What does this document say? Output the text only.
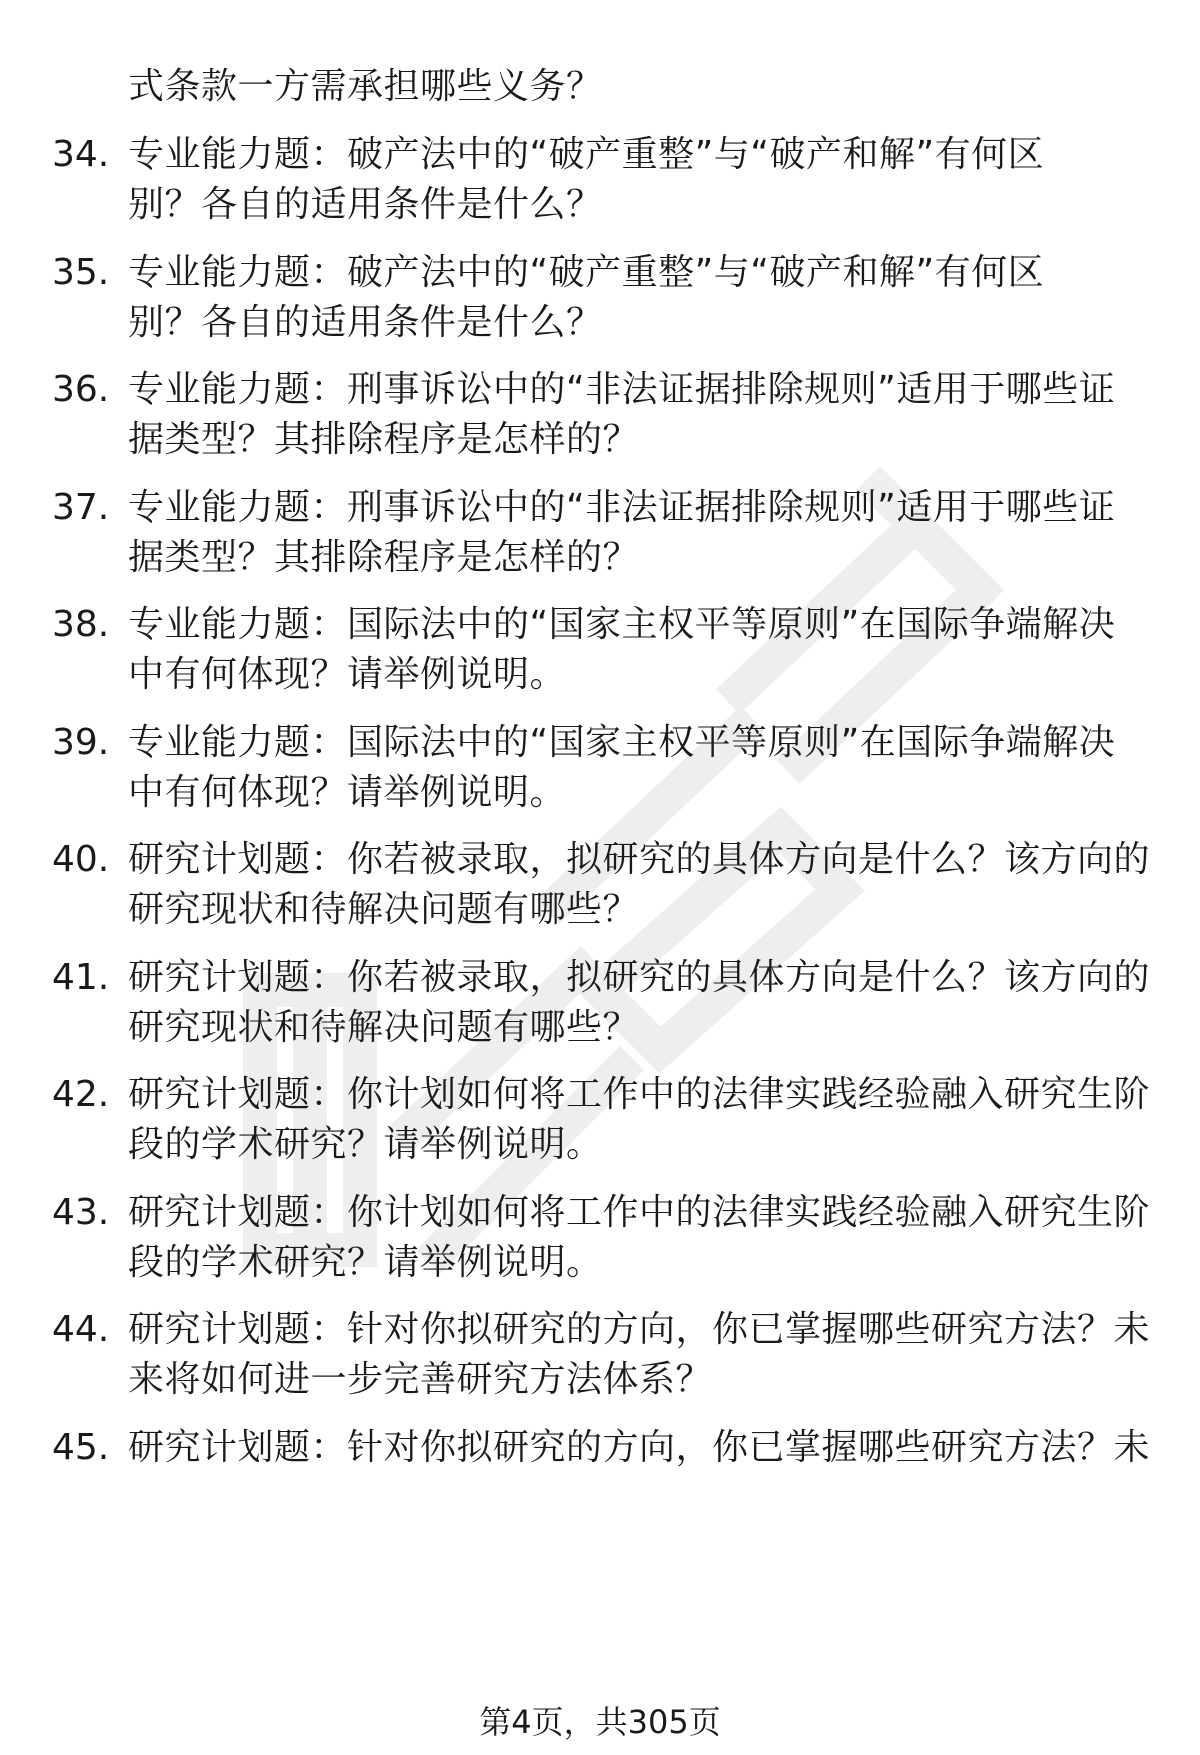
式条款一方需承担哪些义务？
34. 专业能力题：破产法中的“破产重整”与“破产和解”有何区
别？各自的适用条件是什么？
35. 专业能力题：破产法中的“破产重整”与“破产和解”有何区
别？各自的适用条件是什么？
36. 专业能力题：刑事诉讼中的“非法证据排除规则”适用于哪些证
据类型？其排除程序是怎样的？
37. 专业能力题：刑事诉讼中的“非法证据排除规则”适用于哪些证
据类型？其排除程序是怎样的？
38. 专业能力题：国际法中的“国家主权平等原则”在国际争端解决
中有何体现？请举例说明。
39. 专业能力题：国际法中的“国家主权平等原则”在国际争端解决
中有何体现？请举例说明。
40. 研究计划题：你若被录取，拟研究的具体方向是什么？该方向的
研究现状和待解决问题有哪些？
41. 研究计划题：你若被录取，拟研究的具体方向是什么？该方向的
研究现状和待解决问题有哪些？
42. 研究计划题：你计划如何将工作中的法律实践经验融入研究生阶
段的学术研究？请举例说明。
43. 研究计划题：你计划如何将工作中的法律实践经验融入研究生阶
段的学术研究？请举例说明。
44. 研究计划题：针对你拟研究的方向，你已掌握哪些研究方法？未
来将如何进一步完善研究方法体系？
45. 研究计划题：针对你拟研究的方向，你已掌握哪些研究方法？未
第4页，共305页
